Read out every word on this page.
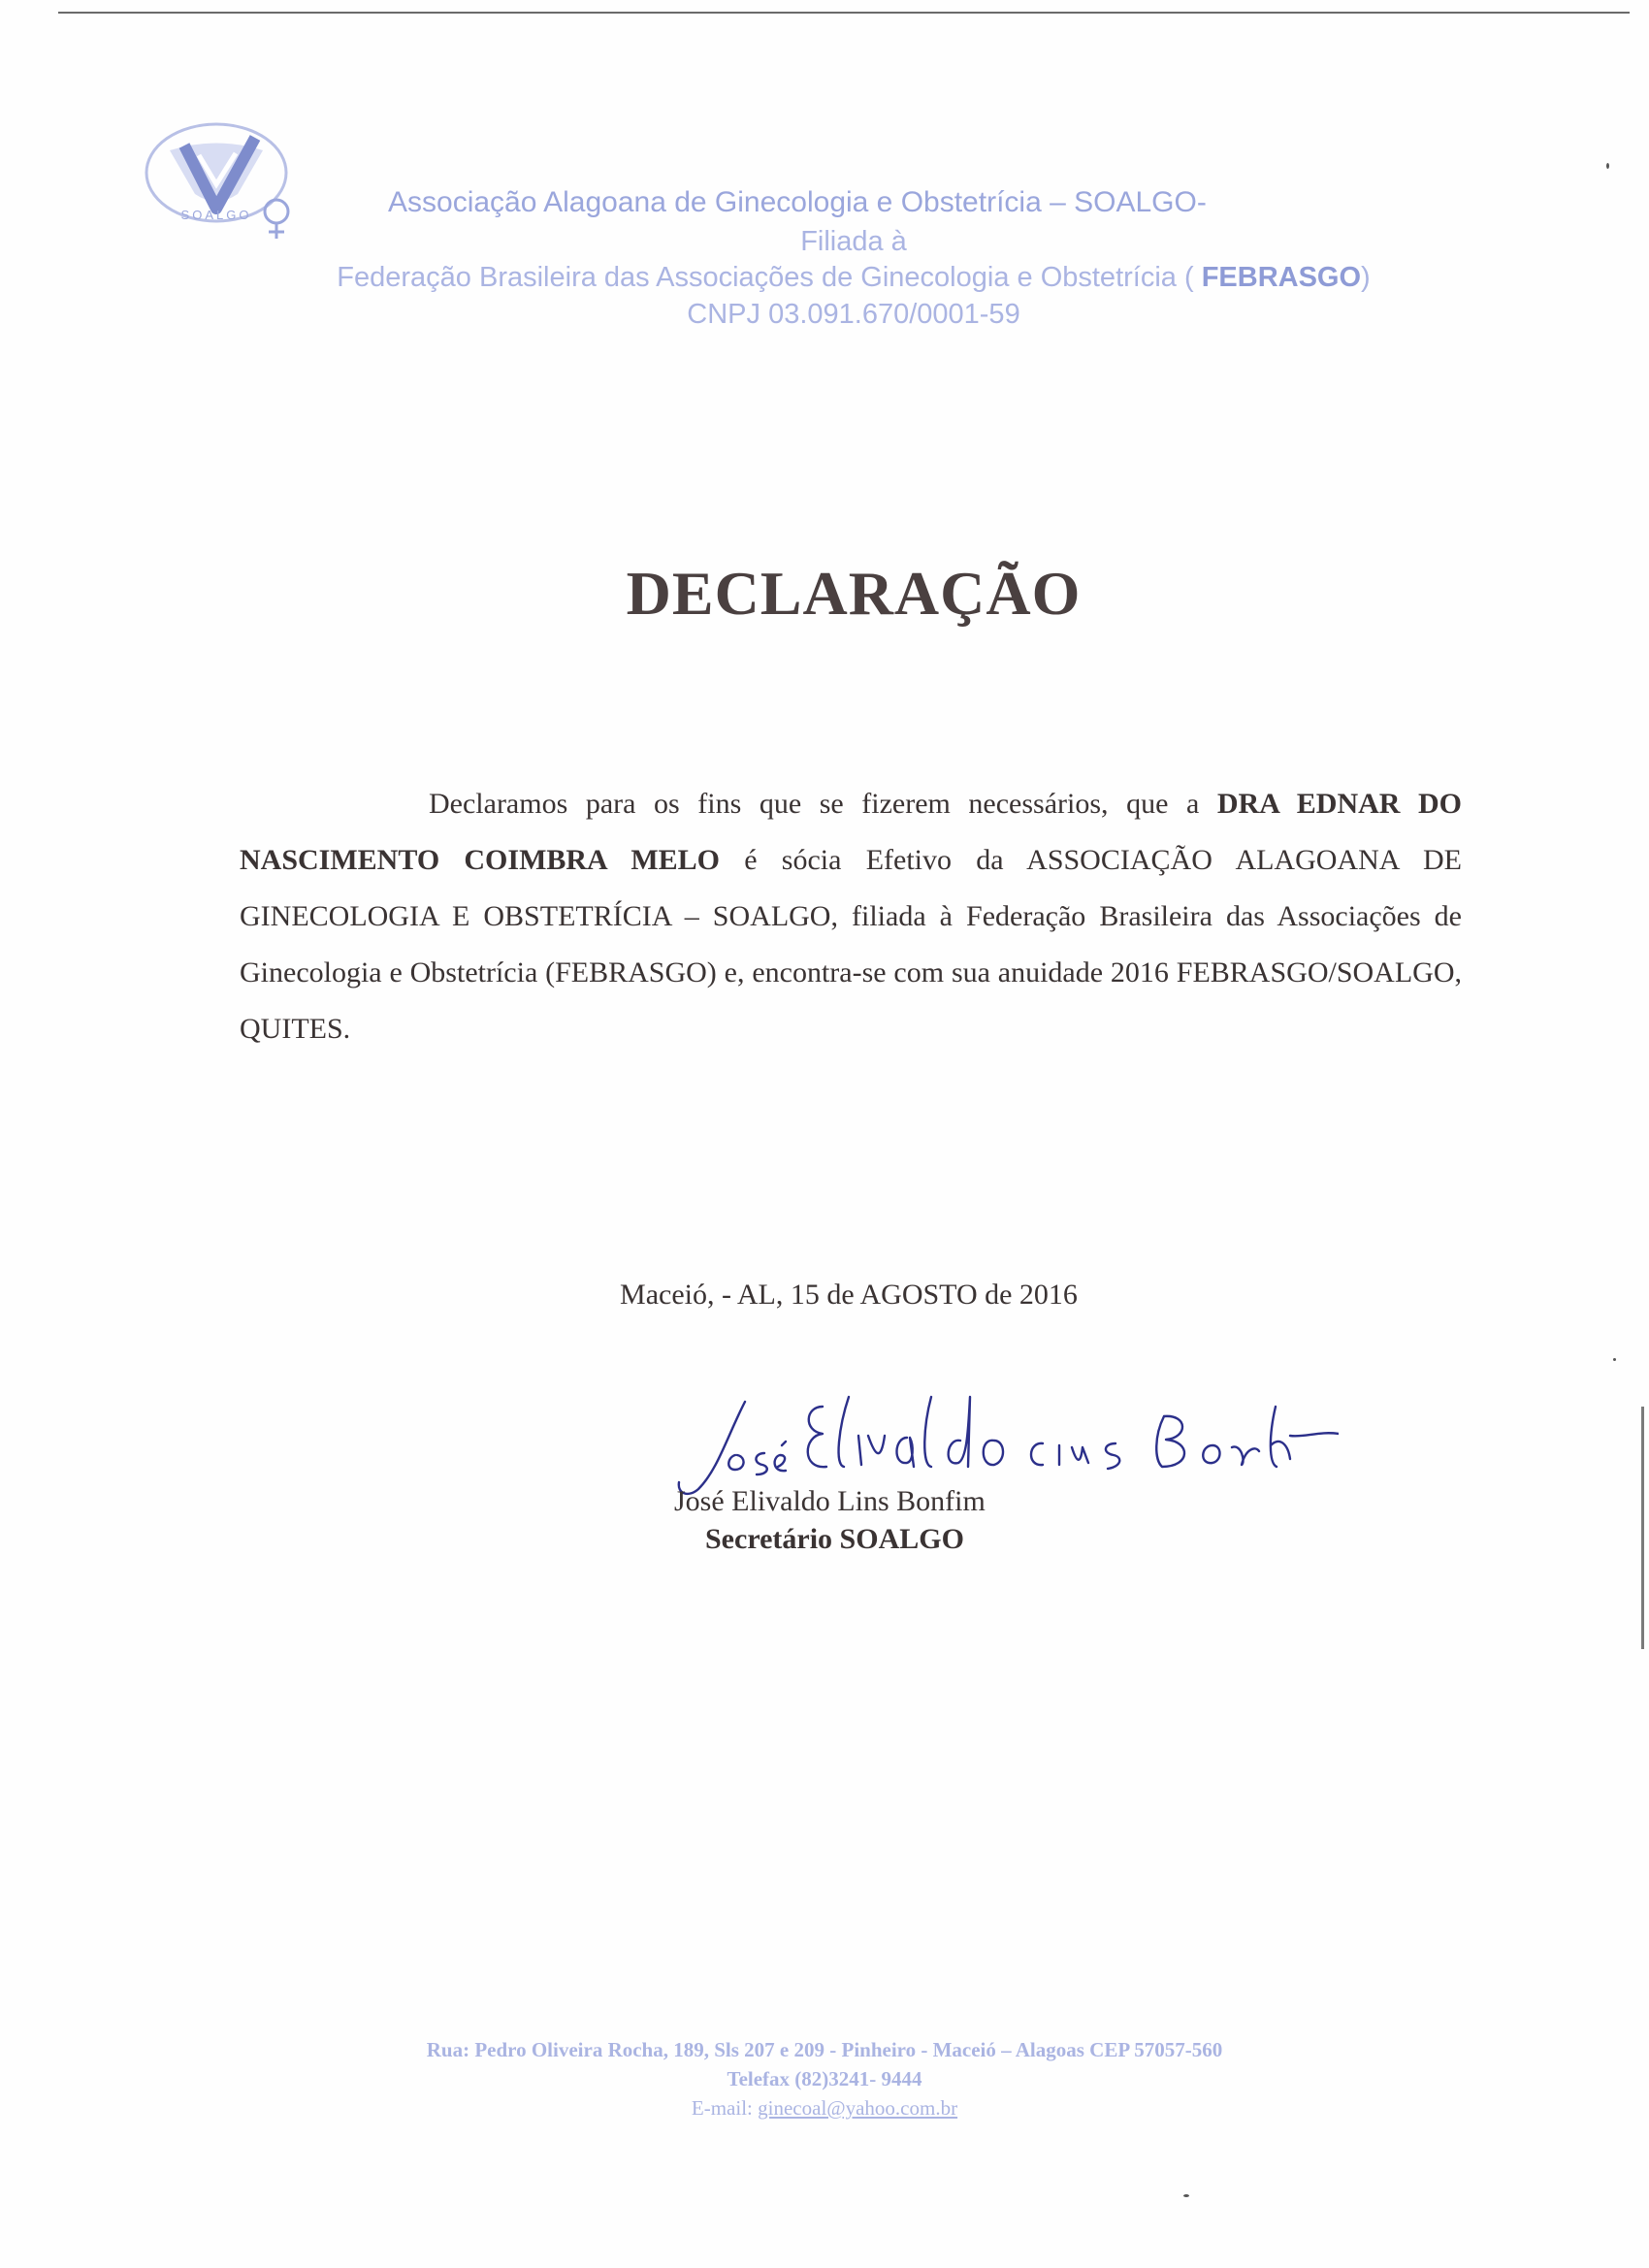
SOALGO	Associação Alagoana de Ginecologia e Obstetrícia – SOALGO-
Filiada à
Federação Brasileira das Associações de Ginecologia e Obstetrícia ( FEBRASGO)
CNPJ 03.091.670/0001-59
DECLARAÇÃO
Declaramos para os fins que se fizerem necessários, que a DRA EDNAR DO NASCIMENTO COIMBRA MELO é sócia Efetivo da ASSOCIAÇÃO ALAGOANA DE GINECOLOGIA E OBSTETRÍCIA – SOALGO, filiada à Federação Brasileira das Associações de Ginecologia e Obstetrícia (FEBRASGO) e, encontra-se com sua anuidade 2016 FEBRASGO/SOALGO, QUITES.
Maceió, - AL, 15 de AGOSTO de 2016
José Elivaldo Lins Bonfim
Secretário SOALGO
Rua: Pedro Oliveira Rocha, 189, Sls 207 e 209 - Pinheiro - Maceió – Alagoas CEP 57057-560
Telefax (82)3241- 9444
E-mail: ginecoal@yahoo.com.br
